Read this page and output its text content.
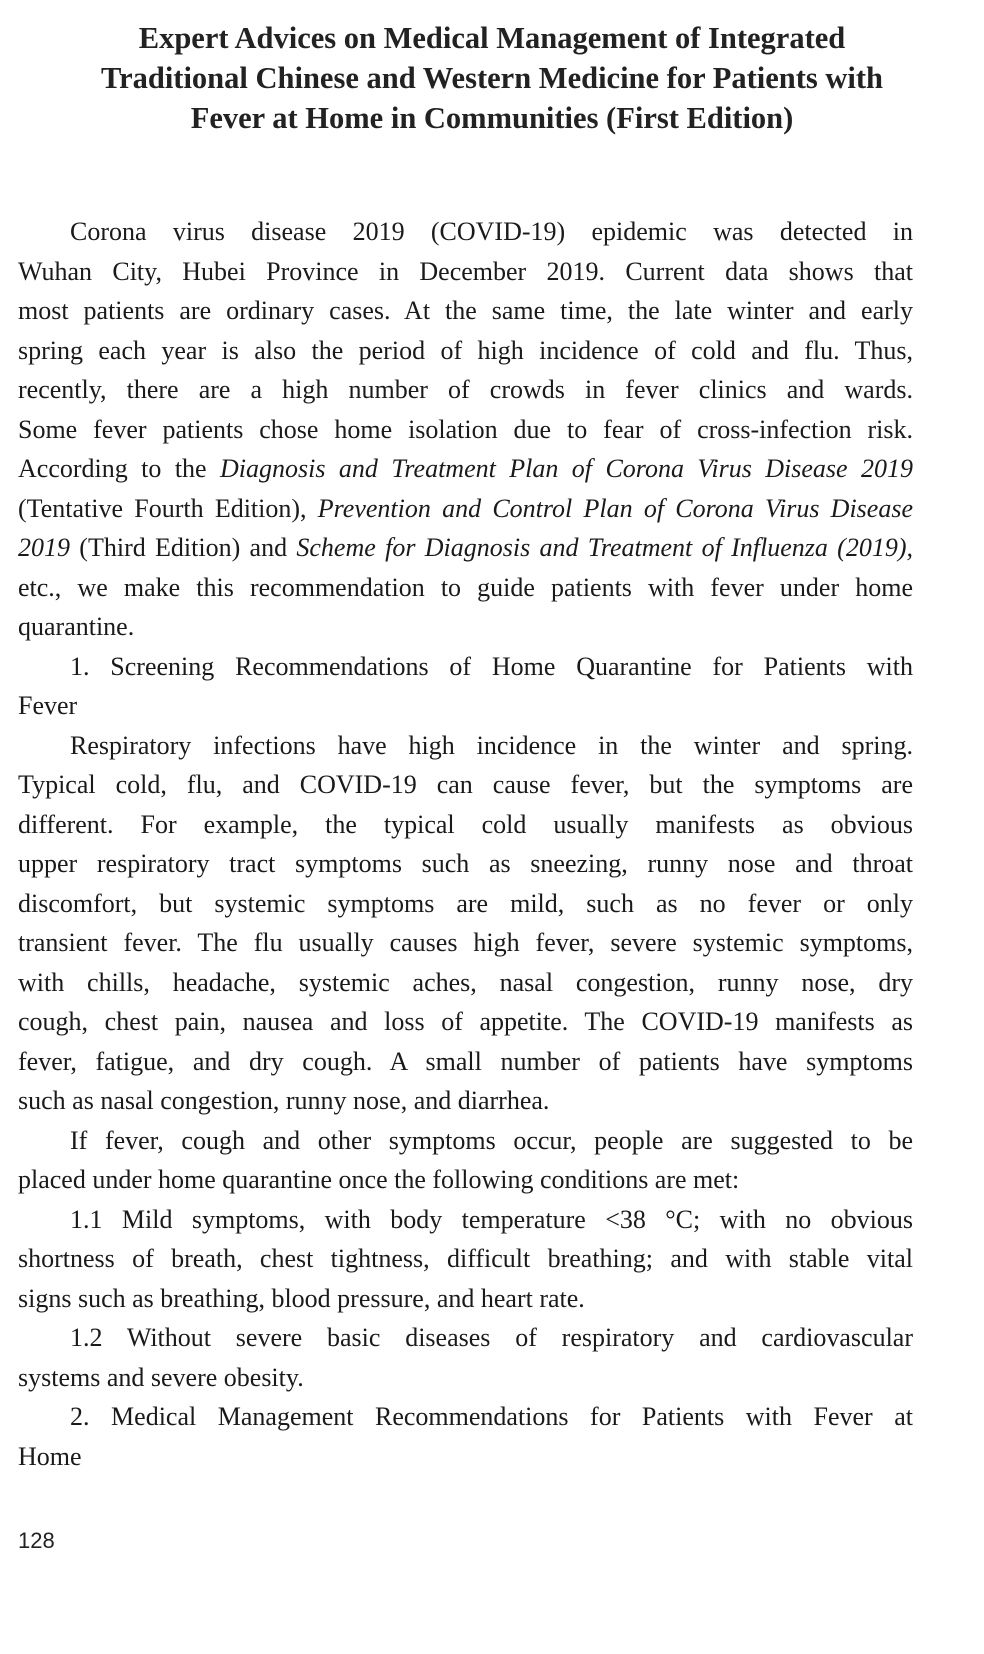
Expert Advices on Medical Management of Integrated
Traditional Chinese and Western Medicine for Patients with
Fever at Home in Communities (First Edition)
Corona virus disease 2019 (COVID-19) epidemic was detected in
Wuhan City, Hubei Province in December 2019. Current data shows that
most patients are ordinary cases. At the same time, the late winter and early
spring each year is also the period of high incidence of cold and flu. Thus,
recently, there are a high number of crowds in fever clinics and wards.
Some fever patients chose home isolation due to fear of cross-infection risk.
According to the Diagnosis and Treatment Plan of Corona Virus Disease 2019
(Tentative Fourth Edition), Prevention and Control Plan of Corona Virus Disease
2019 (Third Edition) and Scheme for Diagnosis and Treatment of Influenza (2019),
etc., we make this recommendation to guide patients with fever under home
quarantine.
1. Screening Recommendations of Home Quarantine for Patients with
Fever
Respiratory infections have high incidence in the winter and spring.
Typical cold, flu, and COVID-19 can cause fever, but the symptoms are
different. For example, the typical cold usually manifests as obvious
upper respiratory tract symptoms such as sneezing, runny nose and throat
discomfort, but systemic symptoms are mild, such as no fever or only
transient fever. The flu usually causes high fever, severe systemic symptoms,
with chills, headache, systemic aches, nasal congestion, runny nose, dry
cough, chest pain, nausea and loss of appetite. The COVID-19 manifests as
fever, fatigue, and dry cough. A small number of patients have symptoms
such as nasal congestion, runny nose, and diarrhea.
If fever, cough and other symptoms occur, people are suggested to be
placed under home quarantine once the following conditions are met:
1.1 Mild symptoms, with body temperature <38 °C; with no obvious
shortness of breath, chest tightness, difficult breathing; and with stable vital
signs such as breathing, blood pressure, and heart rate.
1.2 Without severe basic diseases of respiratory and cardiovascular
systems and severe obesity.
2. Medical Management Recommendations for Patients with Fever at
Home
128
